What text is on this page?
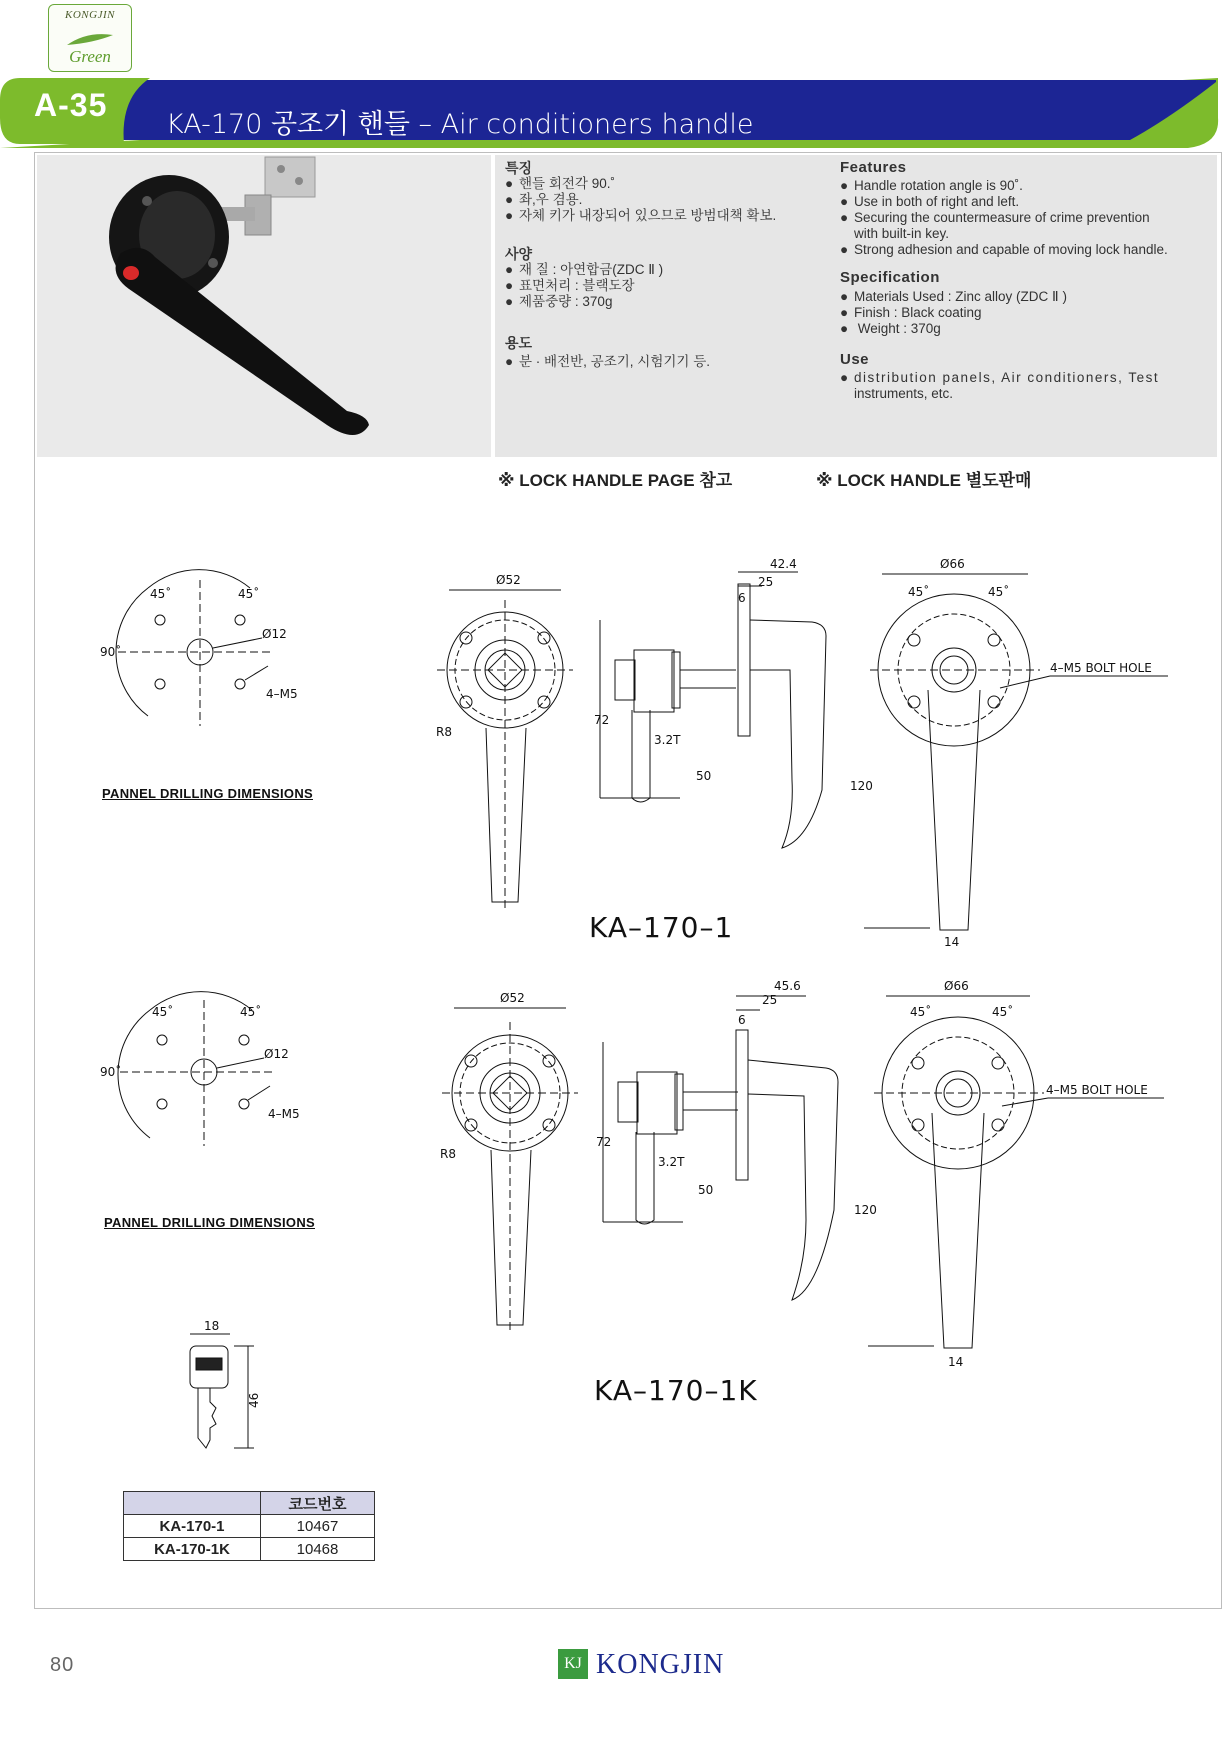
KONGJIN
Green
A-35
KA-170 공조기 핸들 – Air conditioners handle
특징
● 핸들 회전각 90.˚
● 좌,우 겸용.
● 자체 키가 내장되어 있으므로 방범대책 확보.
사양
● 재 질 : 아연합금(ZDC Ⅱ )
● 표면처리 : 블랙도장
● 제품중량 : 370g
용도
● 분 · 배전반, 공조기, 시험기기 등.
Features
● Handle rotation angle is 90˚.
● Use in both of right and left.
● Securing the countermeasure of crime prevention
with built-in key.
● Strong adhesion and capable of moving lock handle.
Specification
● Materials Used : Zinc alloy (ZDC Ⅱ )
● Finish : Black coating
● Weight : 370g
Use
● distribution panels, Air conditioners, Test
instruments, etc.
※ LOCK HANDLE PAGE 참고	※ LOCK HANDLE 별도판매
45˚	45˚
90˚
Ø12
4–M5
Ø52
R8
72
3.2T
50
42.4
25
6
120
Ø66
45˚	45˚
4–M5 BOLT HOLE
14
PANNEL DRILLING DIMENSIONS
KA–170–1
45˚	45˚
90˚
Ø12
4–M5
Ø52
R8
72
3.2T
50
45.6
25
6
120
Ø66
45˚	45˚
4–M5 BOLT HOLE
14
PANNEL DRILLING DIMENSIONS
KA–170–1K
18
46
	코드번호
KA-170-1	10467
KA-170-1K	10468
80	KJ KONGJIN
